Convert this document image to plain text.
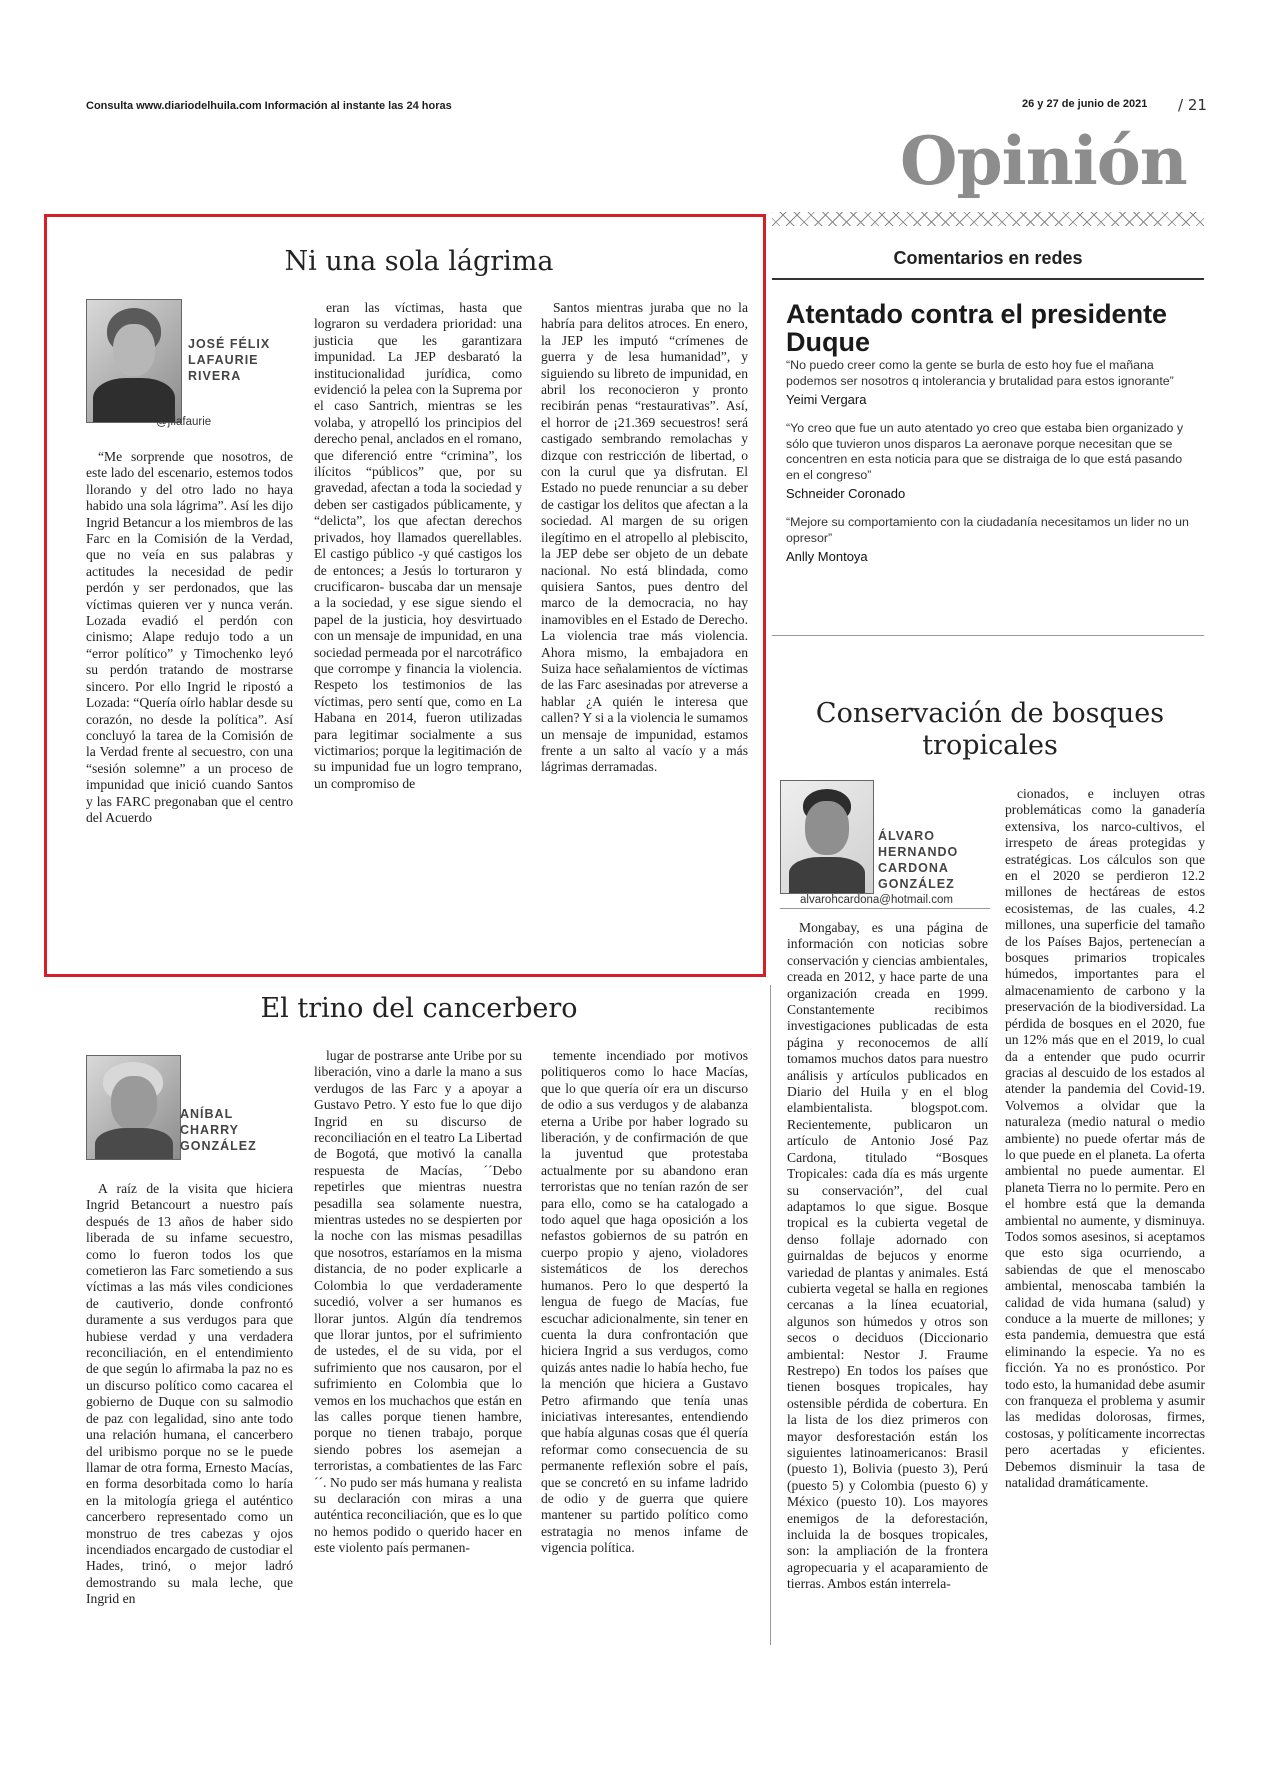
Consulta www.diariodelhuila.com Información al instante las 24 horas	26 y 27 de junio de 2021 / 21
Opinión
Ni una sola lágrima
JOSÉ FÉLIX LAFAURIE RIVERA
@jflafaurie

“Me sorprende que nosotros, de este lado del escenario, estemos todos llorando y del otro lado no haya habido una sola lágrima”. Así les dijo Ingrid Betancur a los miembros de las Farc en la Comisión de la Verdad, que no veía en sus palabras y actitudes la necesidad de pedir perdón y ser perdonados, que las víctimas quieren ver y nunca verán. Lozada evadió el perdón con cinismo; Alape redujo todo a un “error político” y Timochenko leyó su perdón tratando de mostrarse sincero. Por ello Ingrid le ripostó a Lozada: “Quería oírlo hablar desde su corazón, no desde la política”. Así concluyó la tarea de la Comisión de la Verdad frente al secuestro, con una “sesión solemne” a un proceso de impunidad que inició cuando Santos y las FARC pregonaban que el centro del Acuerdo

eran las víctimas, hasta que lograron su verdadera prioridad: una justicia que les garantizara impunidad. La JEP desbarató la institucionalidad jurídica, como evidenció la pelea con la Suprema por el caso Santrich, mientras se les volaba, y atropelló los principios del derecho penal, anclados en el romano, que diferenció entre “crimina”, los ilícitos “públicos” que, por su gravedad, afectan a toda la sociedad y deben ser castigados públicamente, y “delicta”, los que afectan derechos privados, hoy llamados querellables. El castigo público -y qué castigos los de entonces; a Jesús lo torturaron y crucificaron- buscaba dar un mensaje a la sociedad, y ese sigue siendo el papel de la justicia, hoy desvirtuado con un mensaje de impunidad, en una sociedad permeada por el narcotráfico que corrompe y financia la violencia. Respeto los testimonios de las víctimas, pero sentí que, como en La Habana en 2014, fueron utilizadas para legitimar socialmente a sus victimarios; porque la legitimación de su impunidad fue un logro temprano, un compromiso de

Santos mientras juraba que no la habría para delitos atroces. En enero, la JEP les imputó “crímenes de guerra y de lesa humanidad”, y siguiendo su libreto de impunidad, en abril los reconocieron y pronto recibirán penas “restaurativas”. Así, el horror de ¡21.369 secuestros! será castigado sembrando remolachas y dizque con restricción de libertad, o con la curul que ya disfrutan. El Estado no puede renunciar a su deber de castigar los delitos que afectan a la sociedad. Al margen de su origen ilegítimo en el atropello al plebiscito, la JEP debe ser objeto de un debate nacional. No está blindada, como quisiera Santos, pues dentro del marco de la democracia, no hay inamovibles en el Estado de Derecho. La violencia trae más violencia. Ahora mismo, la embajadora en Suiza hace señalamientos de víctimas de las Farc asesinadas por atreverse a hablar ¿A quién le interesa que callen? Y si a la violencia le sumamos un mensaje de impunidad, estamos frente a un salto al vacío y a más lágrimas derramadas.

El trino del cancerbero
ANÍBAL CHARRY GONZÁLEZ

A raíz de la visita que hiciera Ingrid Betancourt a nuestro país después de 13 años de haber sido liberada de su infame secuestro, como lo fueron todos los que cometieron las Farc sometiendo a sus víctimas a las más viles condiciones de cautiverio, donde confrontó duramente a sus verdugos para que hubiese verdad y una verdadera reconciliación, en el entendimiento de que según lo afirmaba la paz no es un discurso político como cacarea el gobierno de Duque con su salmodio de paz con legalidad, sino ante todo una relación humana, el cancerbero del uribismo porque no se le puede llamar de otra forma, Ernesto Macías, en forma desorbitada como lo haría en la mitología griega el auténtico cancerbero representado como un monstruo de tres cabezas y ojos incendiados encargado de custodiar el Hades, trinó, o mejor ladró demostrando su mala leche, que Ingrid en

lugar de postrarse ante Uribe por su liberación, vino a darle la mano a sus verdugos de las Farc y a apoyar a Gustavo Petro. Y esto fue lo que dijo Ingrid en su discurso de reconciliación en el teatro La Libertad de Bogotá, que motivó la canalla respuesta de Macías, ´´Debo repetirles que mientras nuestra pesadilla sea solamente nuestra, mientras ustedes no se despierten por la noche con las mismas pesadillas que nosotros, estaríamos en la misma distancia, de no poder explicarle a Colombia lo que verdaderamente sucedió, volver a ser humanos es llorar juntos. Algún día tendremos que llorar juntos, por el sufrimiento de ustedes, el de su vida, por el sufrimiento que nos causaron, por el sufrimiento en Colombia que lo vemos en los muchachos que están en las calles porque tienen hambre, porque no tienen trabajo, porque siendo pobres los asemejan a terroristas, a combatientes de las Farc´´. No pudo ser más humana y realista su declaración con miras a una auténtica reconciliación, que es lo que no hemos podido o querido hacer en este violento país permanen-

temente incendiado por motivos politiqueros como lo hace Macías, que lo que quería oír era un discurso de odio a sus verdugos y de alabanza eterna a Uribe por haber logrado su liberación, y de confirmación de que la juventud que protestaba actualmente por su abandono eran terroristas que no tenían razón de ser para ello, como se ha catalogado a todo aquel que haga oposición a los nefastos gobiernos de su patrón en cuerpo propio y ajeno, violadores sistemáticos de los derechos humanos. Pero lo que despertó la lengua de fuego de Macías, fue escuchar adicionalmente, sin tener en cuenta la dura confrontación que hiciera Ingrid a sus verdugos, como quizás antes nadie lo había hecho, fue la mención que hiciera a Gustavo Petro afirmando que tenía unas iniciativas interesantes, entendiendo que había algunas cosas que él quería reformar como consecuencia de su permanente reflexión sobre el país, que se concretó en su infame ladrido de odio y de guerra que quiere mantener su partido político como estratagia no menos infame de vigencia política.

Comentarios en redes
Atentado contra el presidente Duque
“No puedo creer como la gente se burla de esto hoy fue el mañana podemos ser nosotros q intolerancia y brutalidad para estos ignorante”
Yeimi Vergara
“Yo creo que fue un auto atentado yo creo que estaba bien organizado y sólo que tuvieron unos disparos La aeronave porque necesitan que se concentren en esta noticia para que se distraiga de lo que está pasando en el congreso”
Schneider Coronado
“Mejore su comportamiento con la ciudadanía necesitamos un lider no un opresor”
Anlly Montoya
Conservación de bosques tropicales
ÁLVARO HERNANDO CARDONA GONZÁLEZ
alvarohcardona@hotmail.com

Mongabay, es una página de información con noticias sobre conservación y ciencias ambientales, creada en 2012, y hace parte de una organización creada en 1999. Constantemente recibimos investigaciones publicadas de esta página y reconocemos de allí tomamos muchos datos para nuestro análisis y artículos publicados en Diario del Huila y en el blog elambientalista. blogspot.com. Recientemente, publicaron un artículo de Antonio José Paz Cardona, titulado “Bosques Tropicales: cada día es más urgente su conservación”, del cual adaptamos lo que sigue. Bosque tropical es la cubierta vegetal de denso follaje adornado con guirnaldas de bejucos y enorme variedad de plantas y animales. Está cubierta vegetal se halla en regiones cercanas a la línea ecuatorial, algunos son húmedos y otros son secos o deciduos (Diccionario ambiental: Nestor J. Fraume Restrepo) En todos los países que tienen bosques tropicales, hay ostensible pérdida de cobertura. En la lista de los diez primeros con mayor desforestación están los siguientes latinoamericanos: Brasil (puesto 1), Bolivia (puesto 3), Perú (puesto 5) y Colombia (puesto 6) y México (puesto 10). Los mayores enemigos de la deforestación, incluida la de bosques tropicales, son: la ampliación de la frontera agropecuaria y el acaparamiento de tierras. Ambos están interrela-

cionados, e incluyen otras problemáticas como la ganadería extensiva, los narco-cultivos, el irrespeto de áreas protegidas y estratégicas. Los cálculos son que en el 2020 se perdieron 12.2 millones de hectáreas de estos ecosistemas, de las cuales, 4.2 millones, una superficie del tamaño de los Países Bajos, pertenecían a bosques primarios tropicales húmedos, importantes para el almacenamiento de carbono y la preservación de la biodiversidad. La pérdida de bosques en el 2020, fue un 12% más que en el 2019, lo cual da a entender que pudo ocurrir gracias al descuido de los estados al atender la pandemia del Covid-19. Volvemos a olvidar que la naturaleza (medio natural o medio ambiente) no puede ofertar más de lo que puede en el planeta. La oferta ambiental no puede aumentar. El planeta Tierra no lo permite. Pero en el hombre está que la demanda ambiental no aumente, y disminuya. Todos somos asesinos, si aceptamos que esto siga ocurriendo, a sabiendas de que el menoscabo ambiental, menoscaba también la calidad de vida humana (salud) y conduce a la muerte de millones; y esta pandemia, demuestra que está eliminando la especie. Ya no es ficción. Ya no es pronóstico. Por todo esto, la humanidad debe asumir con franqueza el problema y asumir las medidas dolorosas, firmes, costosas, y políticamente incorrectas pero acertadas y eficientes. Debemos disminuir la tasa de natalidad dramáticamente.
